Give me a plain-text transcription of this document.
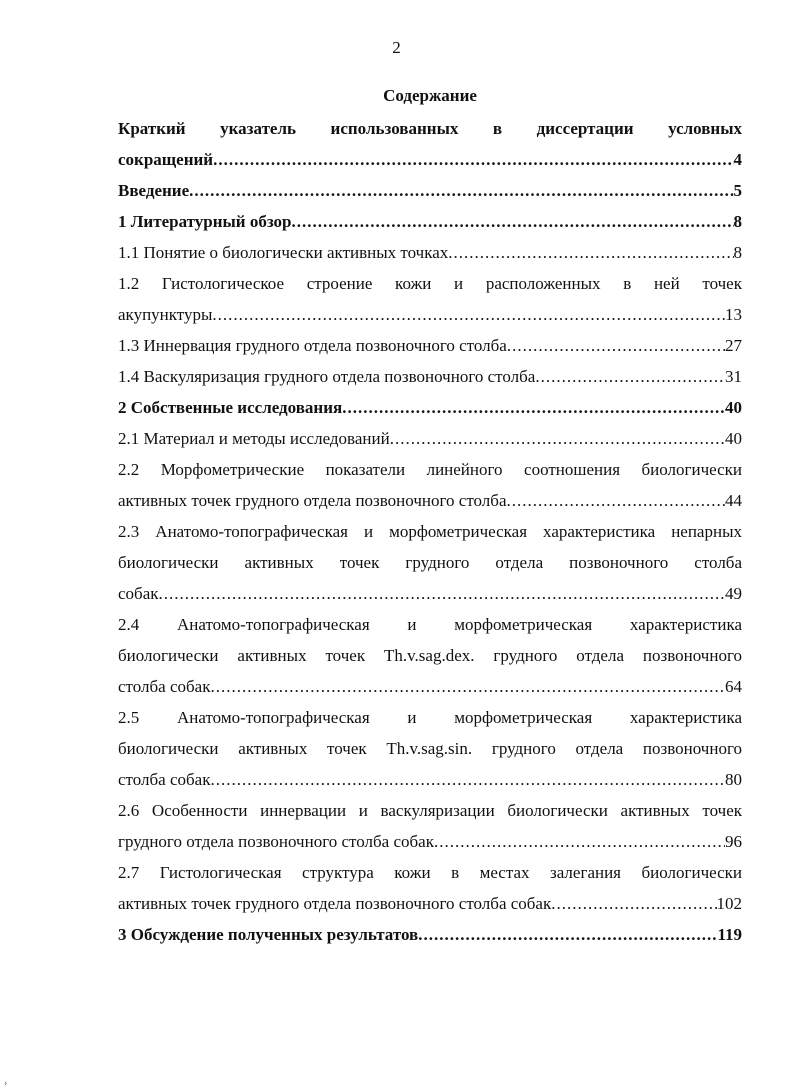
2
Содержание
Краткий указатель использованных в диссертации условных
сокращений .....	4
Введение .....	5
1 Литературный обзор .....	8
1.1 Понятие о биологически активных точках .....	8
1.2 Гистологическое строение кожи и расположенных в ней точек
акупунктуры .....	13
1.3 Иннервация грудного отдела позвоночного столба .....	27
1.4 Васкуляризация грудного отдела позвоночного столба .....	31
2 Собственные исследования .....	40
2.1 Материал и методы исследований .....	40
2.2 Морфометрические показатели линейного соотношения биологически
активных точек грудного отдела позвоночного столба .....	44
2.3 Анатомо-топографическая и морфометрическая характеристика непарных
биологически активных точек грудного отдела позвоночного столба
собак .....	49
2.4 Анатомо-топографическая и морфометрическая характеристика
биологически активных точек Th.v.sag.dex. грудного отдела позвоночного
столба собак .....	64
2.5 Анатомо-топографическая и морфометрическая характеристика
биологически активных точек Th.v.sag.sin. грудного отдела позвоночного
столба собак .....	80
2.6 Особенности иннервации и васкуляризации биологически активных точек
грудного отдела позвоночного столба собак .....	96
2.7 Гистологическая структура кожи в местах залегания биологически
активных точек грудного отдела позвоночного столба собак .....	102
3 Обсуждение полученных результатов .....	119
›
